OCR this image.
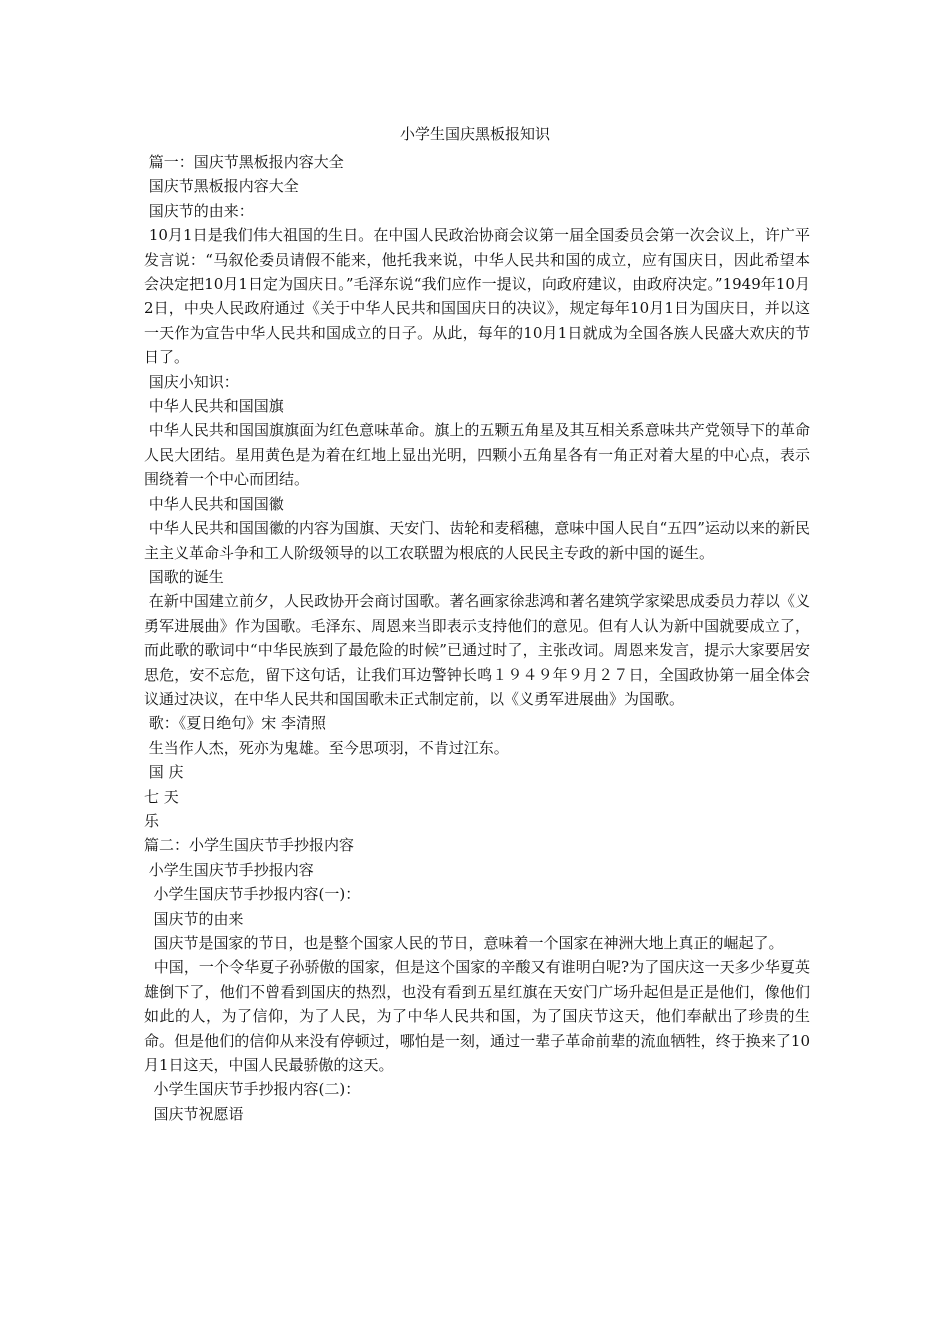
小学生国庆黑板报知识

篇一：国庆节黑板报内容大全

国庆节黑板报内容大全

国庆节的由来：

10月1日是我们伟大祖国的生日。在中国人民政治协商会议第一届全国委员会第一次会议上，许广平发言说：“马叙伦委员请假不能来，他托我来说，中华人民共和国的成立，应有国庆日，因此希望本会决定把10月1日定为国庆日。”毛泽东说“我们应作一提议，向政府建议，由政府决定。”1949年10月2日，中央人民政府通过《关于中华人民共和国国庆日的决议》，规定每年10月1日为国庆日，并以这一天作为宣告中华人民共和国成立的日子。从此，每年的10月1日就成为全国各族人民盛大欢庆的节日了。

国庆小知识：

中华人民共和国国旗

中华人民共和国国旗旗面为红色意味革命。旗上的五颗五角星及其互相关系意味共产党领导下的革命人民大团结。星用黄色是为着在红地上显出光明，四颗小五角星各有一角正对着大星的中心点，表示围绕着一个中心而团结。

中华人民共和国国徽

中华人民共和国国徽的内容为国旗、天安门、齿轮和麦稻穗，意味中国人民自“五四”运动以来的新民主主义革命斗争和工人阶级领导的以工农联盟为根底的人民民主专政的新中国的诞生。

国歌的诞生

在新中国建立前夕，人民政协开会商讨国歌。著名画家徐悲鸿和著名建筑学家梁思成委员力荐以《义勇军进展曲》作为国歌。毛泽东、周恩来当即表示支持他们的意见。但有人认为新中国就要成立了，而此歌的歌词中“中华民族到了最危险的时候”已通过时了，主张改词。周恩来发言，提示大家要居安思危，安不忘危，留下这句话，让我们耳边警钟长鸣１９４９年９月２７日，全国政协第一届全体会议通过决议，在中华人民共和国国歌未正式制定前，以《义勇军进展曲》为国歌。

歌：《夏日绝句》宋 李清照

生当作人杰，死亦为鬼雄。至今思项羽，不肯过江东。

国 庆

七 天

乐

篇二：小学生国庆节手抄报内容

小学生国庆节手抄报内容

小学生国庆节手抄报内容(一)：

国庆节的由来

国庆节是国家的节日，也是整个国家人民的节日，意味着一个国家在神洲大地上真正的崛起了。

中国，一个令华夏子孙骄傲的国家，但是这个国家的辛酸又有谁明白呢?为了国庆这一天多少华夏英雄倒下了，他们不曾看到国庆的热烈，也没有看到五星红旗在天安门广场升起但是正是他们，像他们如此的人，为了信仰，为了人民，为了中华人民共和国，为了国庆节这天，他们奉献出了珍贵的生命。但是他们的信仰从来没有停顿过，哪怕是一刻，通过一辈子革命前辈的流血牺牲，终于换来了10月1日这天，中国人民最骄傲的这天。

小学生国庆节手抄报内容(二)：

国庆节祝愿语
